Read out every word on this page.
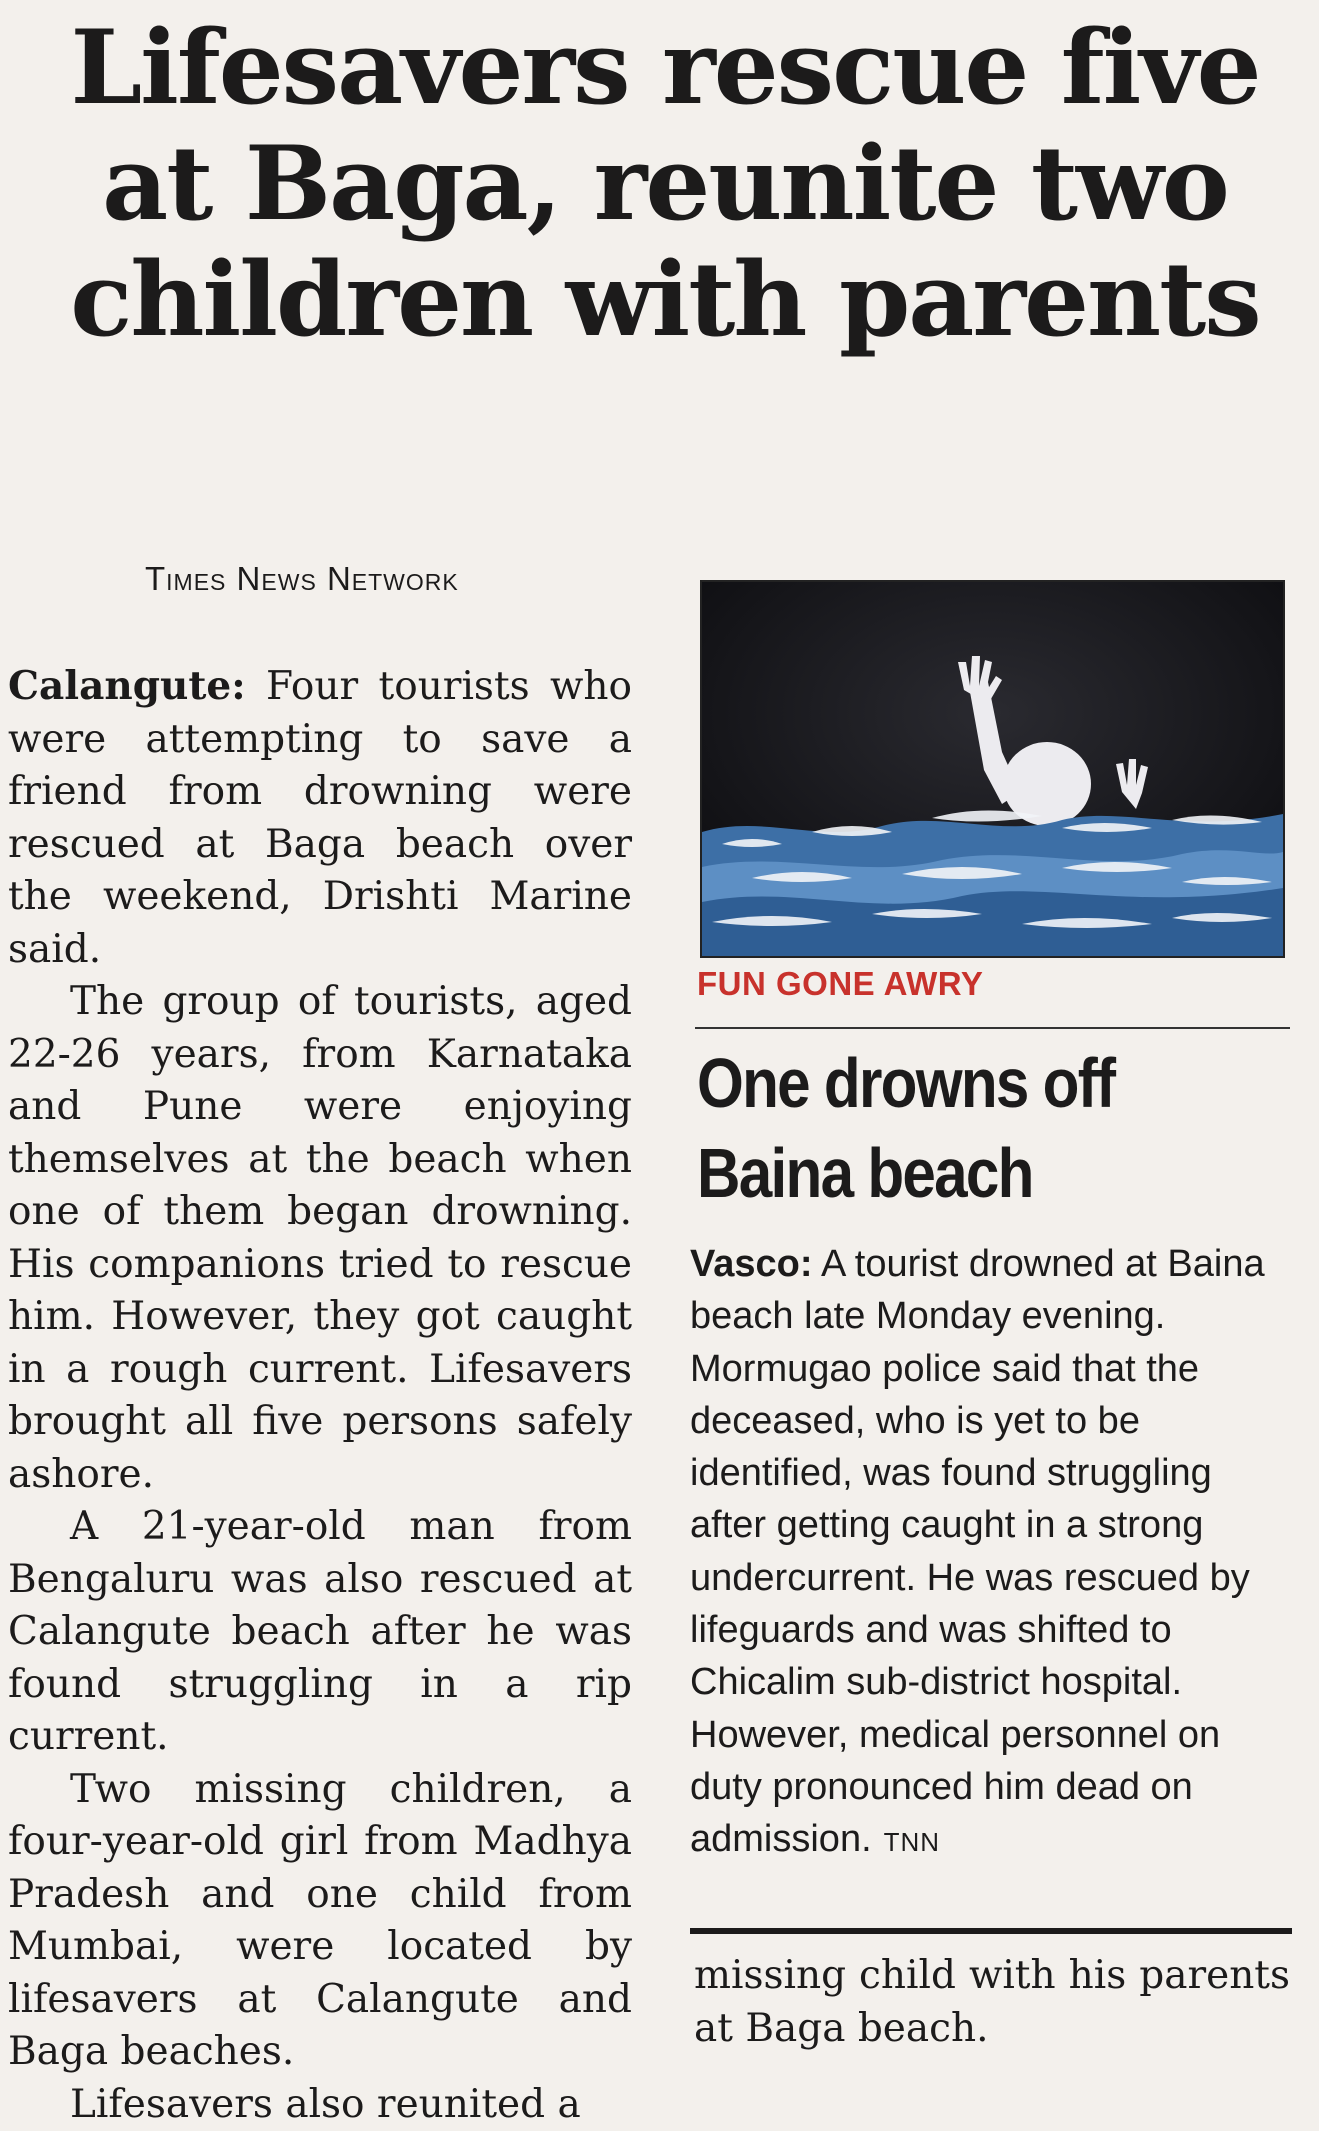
Lifesavers rescue five
at Baga, reunite two
children with parents
Times News Network

Calangute: Four tourists who were attempting to save a friend from drowning were rescued at Baga beach over the weekend, Drishti Marine said.

The group of tourists, aged 22-26 years, from Karnataka and Pune were enjoying themselves at the beach when one of them began drowning. His companions tried to rescue him. However, they got caught in a rough current. Lifesavers brought all five persons safely ashore.

A 21-year-old man from Bengaluru was also rescued at Calangute beach after he was found struggling in a rip current.

Two missing children, a four-year-old girl from Madhya Pradesh and one child from Mumbai, were located by lifesavers at Calangute and Baga beaches.

Lifesavers also reunited a

FUN GONE AWRY
One drowns off
Baina beach

Vasco: A tourist drowned at Baina beach late Monday evening. Mormugao police said that the deceased, who is yet to be identified, was found struggling after getting caught in a strong undercurrent. He was rescued by lifeguards and was shifted to Chicalim sub-district hospital. However, medical personnel on duty pronounced him dead on admission. TNN

missing child with his parents at Baga beach.
